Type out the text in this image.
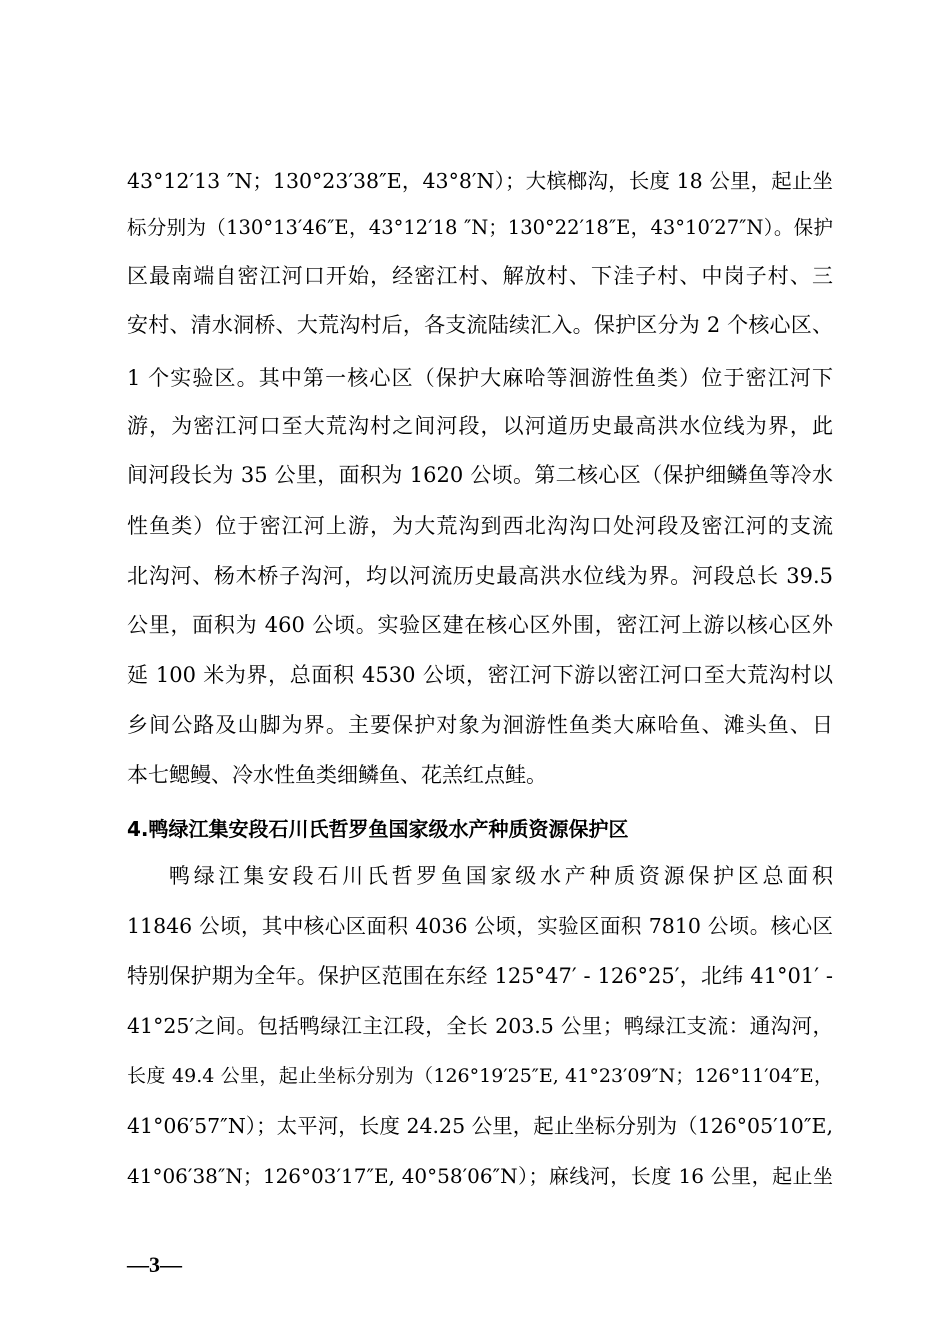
43°12′13 ″N；130°23′38″E，43°8′N）；大槟榔沟，长度 18 公里，起止坐
标分别为（130°13′46″E，43°12′18 ″N；130°22′18″E，43°10′27″N）。保护
区最南端自密江河口开始，经密江村、解放村、下洼子村、中岗子村、三
安村、清水洞桥、大荒沟村后，各支流陆续汇入。保护区分为 2 个核心区、
1 个实验区。其中第一核心区（保护大麻哈等洄游性鱼类）位于密江河下
游，为密江河口至大荒沟村之间河段，以河道历史最高洪水位线为界，此
间河段长为 35 公里，面积为 1620 公顷。第二核心区（保护细鳞鱼等冷水
性鱼类）位于密江河上游，为大荒沟到西北沟沟口处河段及密江河的支流
北沟河、杨木桥子沟河，均以河流历史最高洪水位线为界。河段总长 39.5
公里，面积为 460 公顷。实验区建在核心区外围，密江河上游以核心区外
延 100 米为界，总面积 4530 公顷，密江河下游以密江河口至大荒沟村以
乡间公路及山脚为界。主要保护对象为洄游性鱼类大麻哈鱼、滩头鱼、日
本七鳃鳗、冷水性鱼类细鳞鱼、花羔红点鲑。
4.鸭绿江集安段石川氏哲罗鱼国家级水产种质资源保护区
鸭绿江集安段石川氏哲罗鱼国家级水产种质资源保护区总面积
11846 公顷，其中核心区面积 4036 公顷，实验区面积 7810 公顷。核心区
特别保护期为全年。保护区范围在东经 125°47′ - 126°25′，北纬 41°01′ -
41°25′之间。包括鸭绿江主江段，全长 203.5 公里；鸭绿江支流：通沟河，
长度 49.4 公里，起止坐标分别为（126°19′25″E, 41°23′09″N；126°11′04″E，
41°06′57″N）；太平河，长度 24.25 公里，起止坐标分别为（126°05′10″E,
41°06′38″N；126°03′17″E, 40°58′06″N）；麻线河，长度 16 公里，起止坐
—3—
